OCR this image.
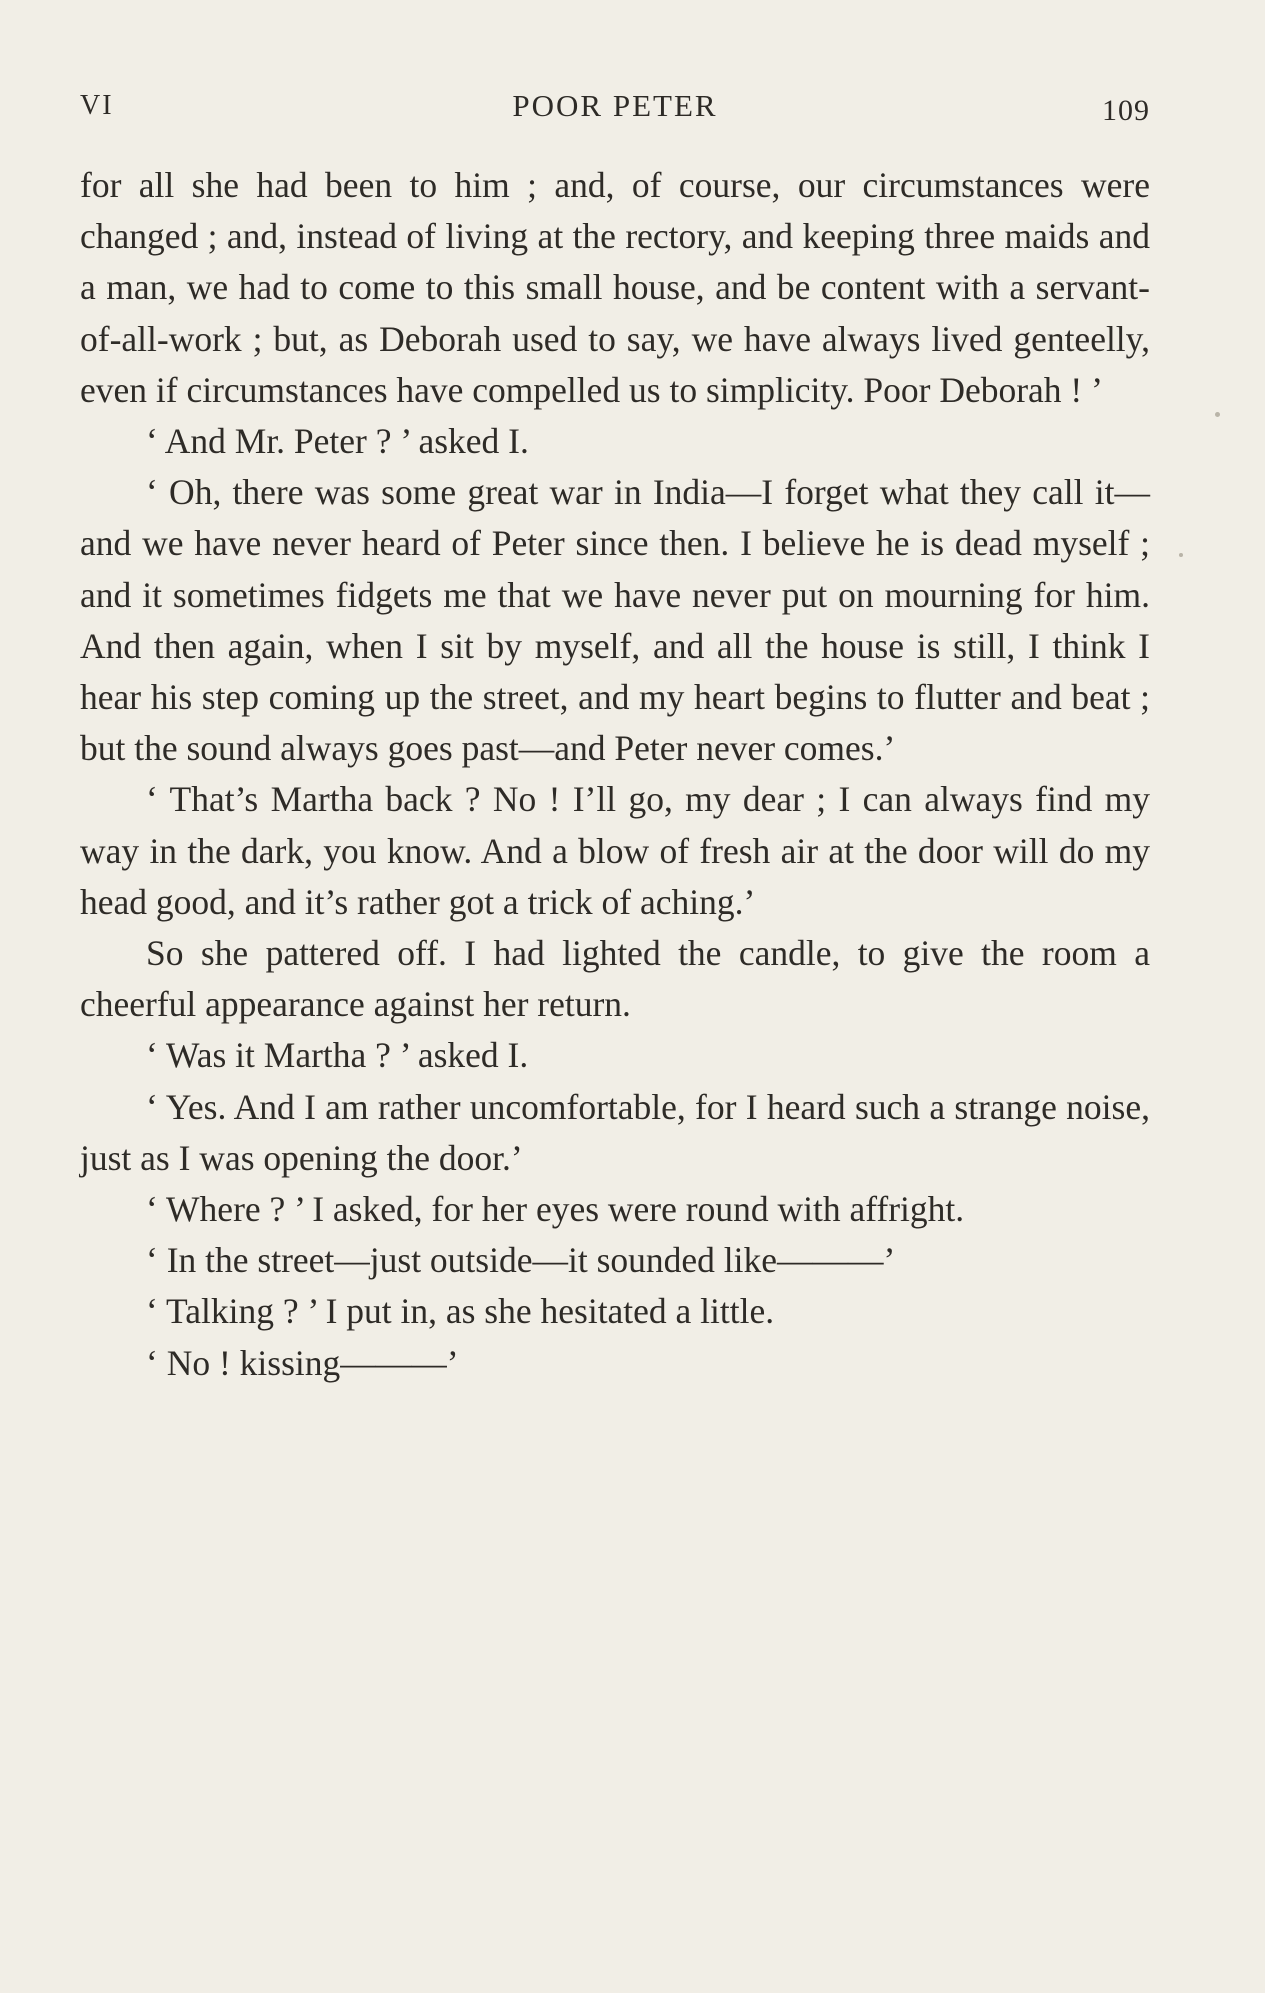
VI	POOR PETER	109

for all she had been to him ; and, of course, our circumstances were changed ; and, instead of living at the rectory, and keeping three maids and a man, we had to come to this small house, and be content with a servant-of-all-work ; but, as Deborah used to say, we have always lived genteelly, even if circumstances have compelled us to simplicity. Poor Deborah ! ’

‘ And Mr. Peter ? ’ asked I.

‘ Oh, there was some great war in India—I forget what they call it—and we have never heard of Peter since then. I believe he is dead myself ; and it sometimes fidgets me that we have never put on mourning for him. And then again, when I sit by myself, and all the house is still, I think I hear his step coming up the street, and my heart begins to flutter and beat ; but the sound always goes past—and Peter never comes.’

‘ That’s Martha back ? No ! I’ll go, my dear ; I can always find my way in the dark, you know. And a blow of fresh air at the door will do my head good, and it’s rather got a trick of aching.’

So she pattered off. I had lighted the candle, to give the room a cheerful appearance against her return.

‘ Was it Martha ? ’ asked I.

‘ Yes. And I am rather uncomfortable, for I heard such a strange noise, just as I was opening the door.’

‘ Where ? ’ I asked, for her eyes were round with affright.

‘ In the street—just outside—it sounded like———’

‘ Talking ? ’ I put in, as she hesitated a little.

‘ No ! kissing———’
